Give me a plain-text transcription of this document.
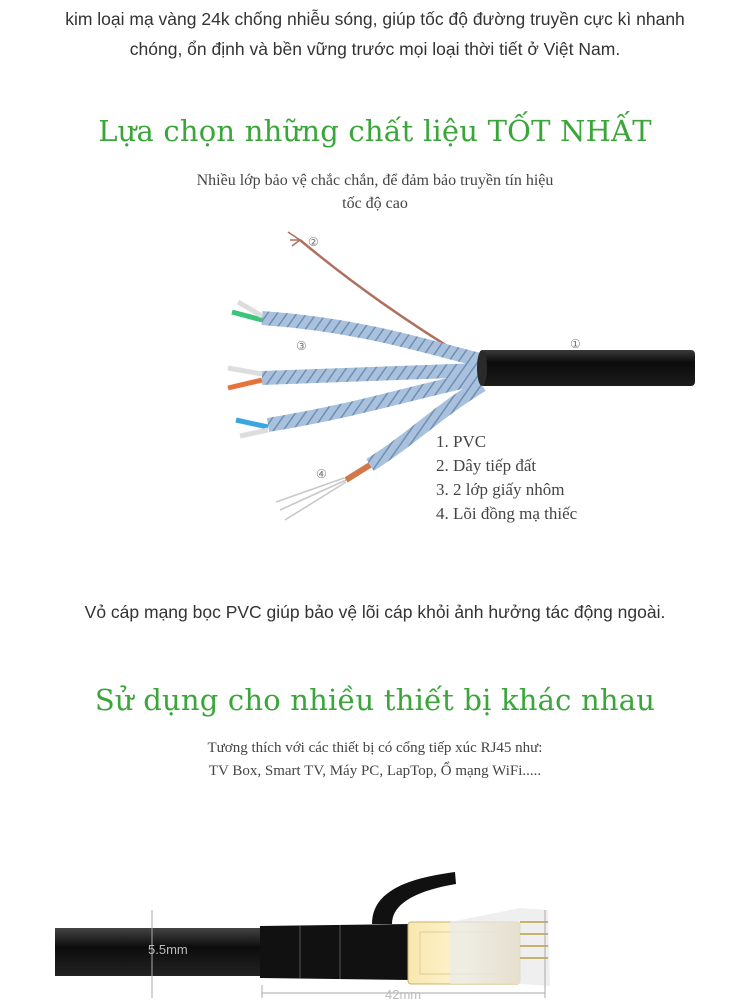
kim loại mạ vàng 24k chống nhiễu sóng, giúp tốc độ đường truyền cực kì nhanh
chóng, ổn định và bền vững trước mọi loại thời tiết ở Việt Nam.
Lựa chọn những chất liệu TỐT NHẤT
Nhiều lớp bảo vệ chắc chắn, để đảm bảo truyền tín hiệu
tốc độ cao
②
③	①
④
1. PVC
2. Dây tiếp đất
3. 2 lớp giấy nhôm
4. Lõi đồng mạ thiếc
Vỏ cáp mạng bọc PVC giúp bảo vệ lõi cáp khỏi ảnh hưởng tác động ngoài.
Sử dụng cho nhiều thiết bị khác nhau
Tương thích với các thiết bị có cổng tiếp xúc RJ45 như:
TV Box, Smart TV, Máy PC, LapTop, Ổ mạng WiFi.....
5.5mm
42mm
